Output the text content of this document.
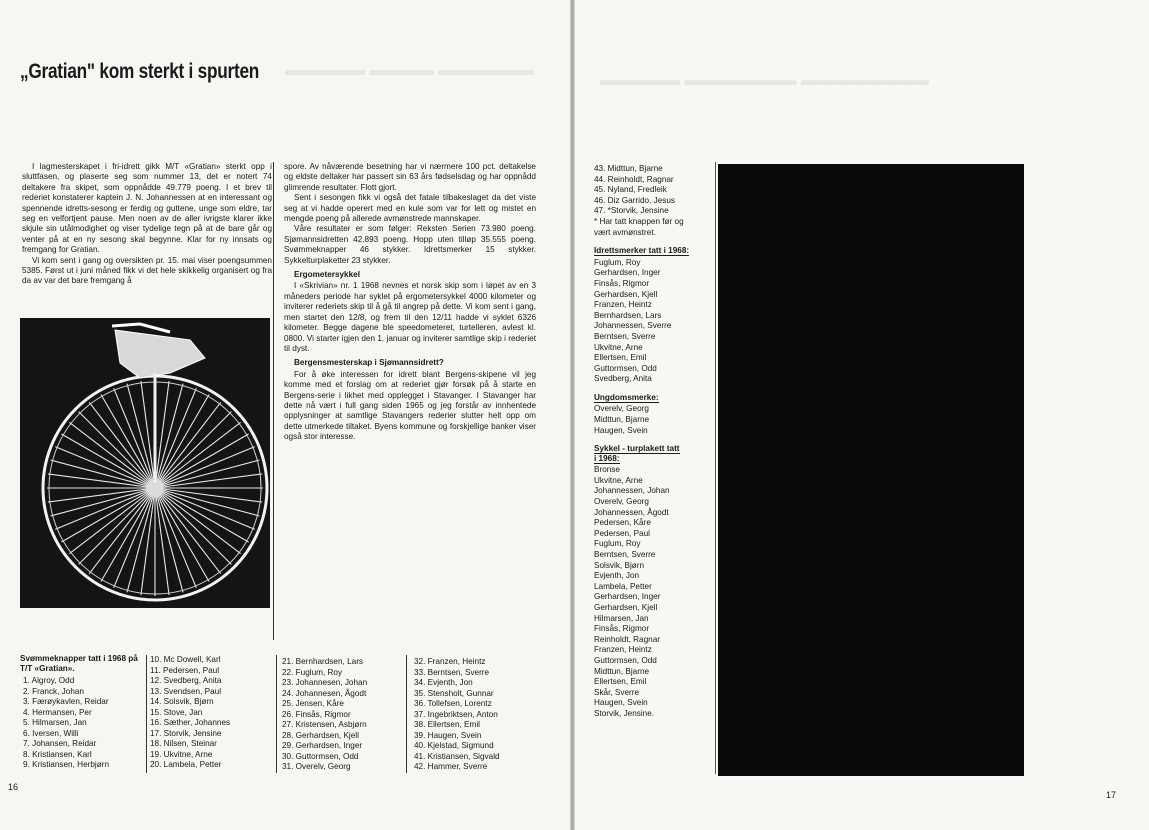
▬▬▬▬▬ ▬▬▬▬ ▬▬▬▬▬▬
▬▬▬▬▬ ▬▬▬▬▬▬▬ ▬▬▬▬▬▬▬▬
„Gratian" kom sterkt i spurten

I lagmesterskapet i fri-idrett gikk M/T «Gratian» sterkt opp i sluttfasen, og plaserte seg som nummer 13, det er notert 74 deltakere fra skipet, som oppnådde 49.779 poeng. I et brev til rederiet konstaterer kaptein J. N. Johannessen at en interessant og spennende idretts-sesong er ferdig og guttene, unge som eldre, tar seg en velfortjent pause. Men noen av de aller ivrigste klarer ikke skjule sin utålmodighet og viser tydelige tegn på at de bare går og venter på at en ny sesong skal begynne. Klar for ny innsats og fremgang for Gratian.

Vi kom sent i gang og oversikten pr. 15. mai viser poengsummen 5385. Først ut i juni måned fikk vi det hele skikkelig organisert og fra da av var det bare fremgang å

spore. Av nåværende besetning har vi nærmere 100 pct. deltakelse og eldste deltaker har passert sin 63 års fødselsdag og har oppnådd glimrende resultater. Flott gjort.

Sent i sesongen fikk vi også det fatale tilbakeslaget da det viste seg at vi hadde operert med en kule som var for lett og mistet en mengde poeng på allerede avmønstrede mannskaper.

Våre resultater er som følger: Reksten Serien 73.980 poeng. Sjømannsidretten 42.893 poeng. Hopp uten tilløp 35.555 poeng. Svømmeknapper 46 stykker. Idrettsmerker 15 stykker. Sykkelturplaketter 23 stykker.

Ergometersykkel

I «Skrivian» nr. 1 1968 nevnes et norsk skip som i løpet av en 3 måneders periode har syklet på ergometersykkel 4000 kilometer og inviterer rederiets skip til å gå til angrep på dette. Vi kom sent i gang, men startet den 12/8, og frem til den 12/11 hadde vi syklet 6326 kilometer. Begge dagene ble speedometeret, turtelleren, avlest kl. 0800. Vi starter igjen den 1. januar og inviterer samtlige skip i rederiet til dyst.

Bergensmesterskap i Sjømannsidrett?

For å øke interessen for idrett blant Bergens-skipene vil jeg komme med et forslag om at rederiet gjør forsøk på å starte en Bergens-serie i likhet med opplegget i Stavanger. I Stavanger har dette nå vært i full gang siden 1965 og jeg forstår av innhentede opplysninger at samtlige Stavangers rederier slutter helt opp om dette utmerkede tiltaket. Byens kommune og forskjellige banker viser også stor interesse.

Svømmeknapper tatt i 1968 på T/T «Gratian».
1. Algroy, Odd
2. Franck, Johan
3. Færøykavlen, Reidar
4. Hermansen, Per
5. Hilmarsen, Jan
6. Iversen, Willi
7. Johansen, Reidar
8. Kristiansen, Karl
9. Kristiansen, Herbjørn
10. Mc Dowell, Karl
11. Pedersen, Paul
12. Svedberg, Anita
13. Svendsen, Paul
14. Solsvik, Bjørn
15. Stove, Jan
16. Sæther, Johannes
17. Storvik, Jensine
18. Nilsen, Steinar
19. Ukvitne, Arne
20. Lambela, Petter
21. Bernhardsen, Lars
22. Fuglum, Roy
23. Johannesen, Johan
24. Johannesen, Ågodt
25. Jensen, Kåre
26. Finsås, Rigmor
27. Kristensen, Asbjørn
28. Gerhardsen, Kjell
29. Gerhardsen, Inger
30. Guttormsen, Odd
31. Overelv, Georg
32. Franzen, Heintz
33. Berntsen, Sverre
34. Evjenth, Jon
35. Stensholt, Gunnar
36. Tollefsen, Lorentz
37. Ingebriktsen, Anton
38. Ellertsen, Emil
39. Haugen, Svein
40. Kjelstad, Sigmund
41. Kristiansen, Sigvald
42. Hammer, Sverre
16
43. Midttun, Bjarne
44. Reinholdt, Ragnar
45. Nyland, Fredleik
46. Diz Garrido, Jesus
47. *Storvik, Jensine
* Har tatt knappen før og
vært avmønstret.
Idrettsmerker tatt i 1968:
Fuglum, Roy
Gerhardsen, Inger
Finsås, Rigmor
Gerhardsen, Kjell
Franzen, Heintz
Bernhardsen, Lars
Johannessen, Sverre
Berntsen, Sverre
Ukvitne, Arne
Ellertsen, Emil
Guttormsen, Odd
Svedberg, Anita
Ungdomsmerke:
Overelv, Georg
Midttun, Bjarne
Haugen, Svein
Sykkel - turplakett tatt
i 1968:
Bronse
Ukvitne, Arne
Johannessen, Johan
Overelv, Georg
Johannessen, Ågodt
Pedersen, Kåre
Pedersen, Paul
Fuglum, Roy
Berntsen, Sverre
Solsvik, Bjørn
Evjenth, Jon
Lambela, Petter
Gerhardsen, Inger
Gerhardsen, Kjell
Hilmarsen, Jan
Finsås, Rigmor
Reinholdt, Ragnar
Franzen, Heintz
Guttormsen, Odd
Midttun, Bjarne
Ellertsen, Emil
Skår, Sverre
Haugen, Svein
Storvik, Jensine.
17
